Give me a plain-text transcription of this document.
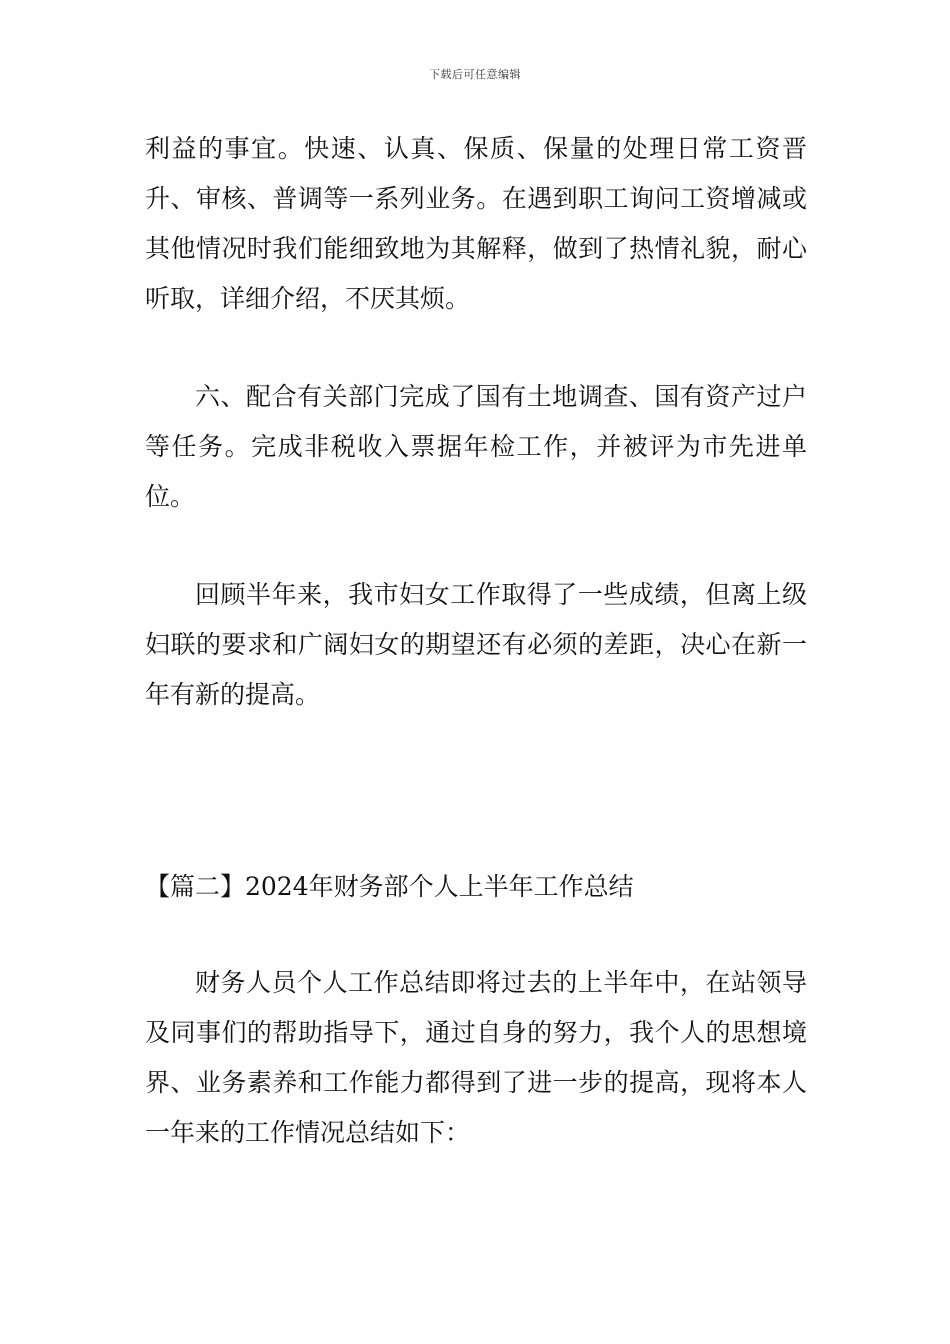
下载后可任意编辑

利益的事宜。快速、认真、保质、保量的处理日常工资晋升、审核、普调等一系列业务。在遇到职工询问工资增减或其他情况时我们能细致地为其解释，做到了热情礼貌，耐心听取，详细介绍，不厌其烦。

六、配合有关部门完成了国有土地调查、国有资产过户等任务。完成非税收入票据年检工作，并被评为市先进单位。

回顾半年来，我市妇女工作取得了一些成绩，但离上级妇联的要求和广阔妇女的期望还有必须的差距，决心在新一年有新的提高。

【篇二】2024年财务部个人上半年工作总结

财务人员个人工作总结即将过去的上半年中，在站领导及同事们的帮助指导下，通过自身的努力，我个人的思想境界、业务素养和工作能力都得到了进一步的提高，现将本人一年来的工作情况总结如下：
